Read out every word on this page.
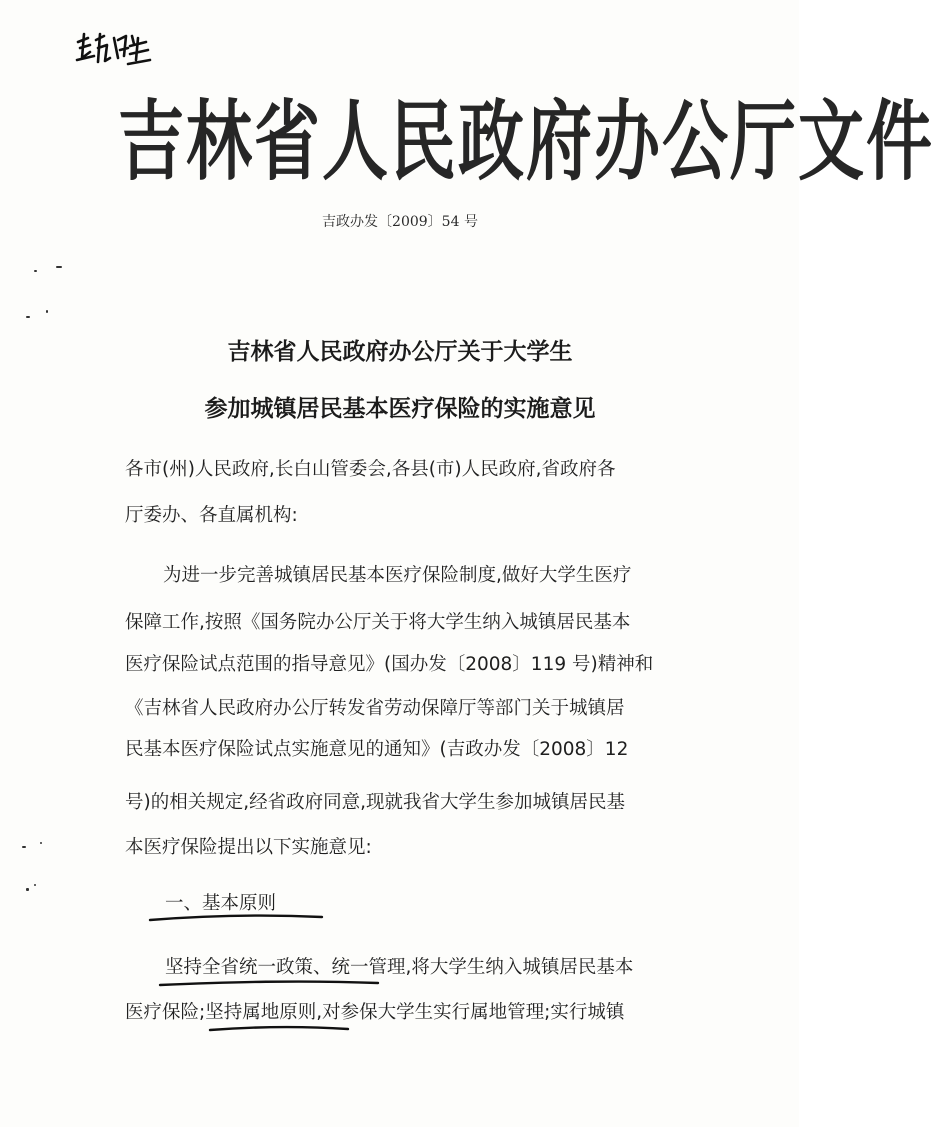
吉林省人民政府办公厅文件
吉政办发〔2009〕54 号
吉林省人民政府办公厅关于大学生
参加城镇居民基本医疗保险的实施意见

各市(州)人民政府,长白山管委会,各县(市)人民政府,省政府各

厅委办、各直属机构:

为进一步完善城镇居民基本医疗保险制度,做好大学生医疗

保障工作,按照《国务院办公厅关于将大学生纳入城镇居民基本

医疗保险试点范围的指导意见》(国办发〔2008〕119 号)精神和

《吉林省人民政府办公厅转发省劳动保障厅等部门关于城镇居

民基本医疗保险试点实施意见的通知》(吉政办发〔2008〕12

号)的相关规定,经省政府同意,现就我省大学生参加城镇居民基

本医疗保险提出以下实施意见:

一、基本原则

坚持全省统一政策、统一管理,将大学生纳入城镇居民基本

医疗保险;坚持属地原则,对参保大学生实行属地管理;实行城镇
